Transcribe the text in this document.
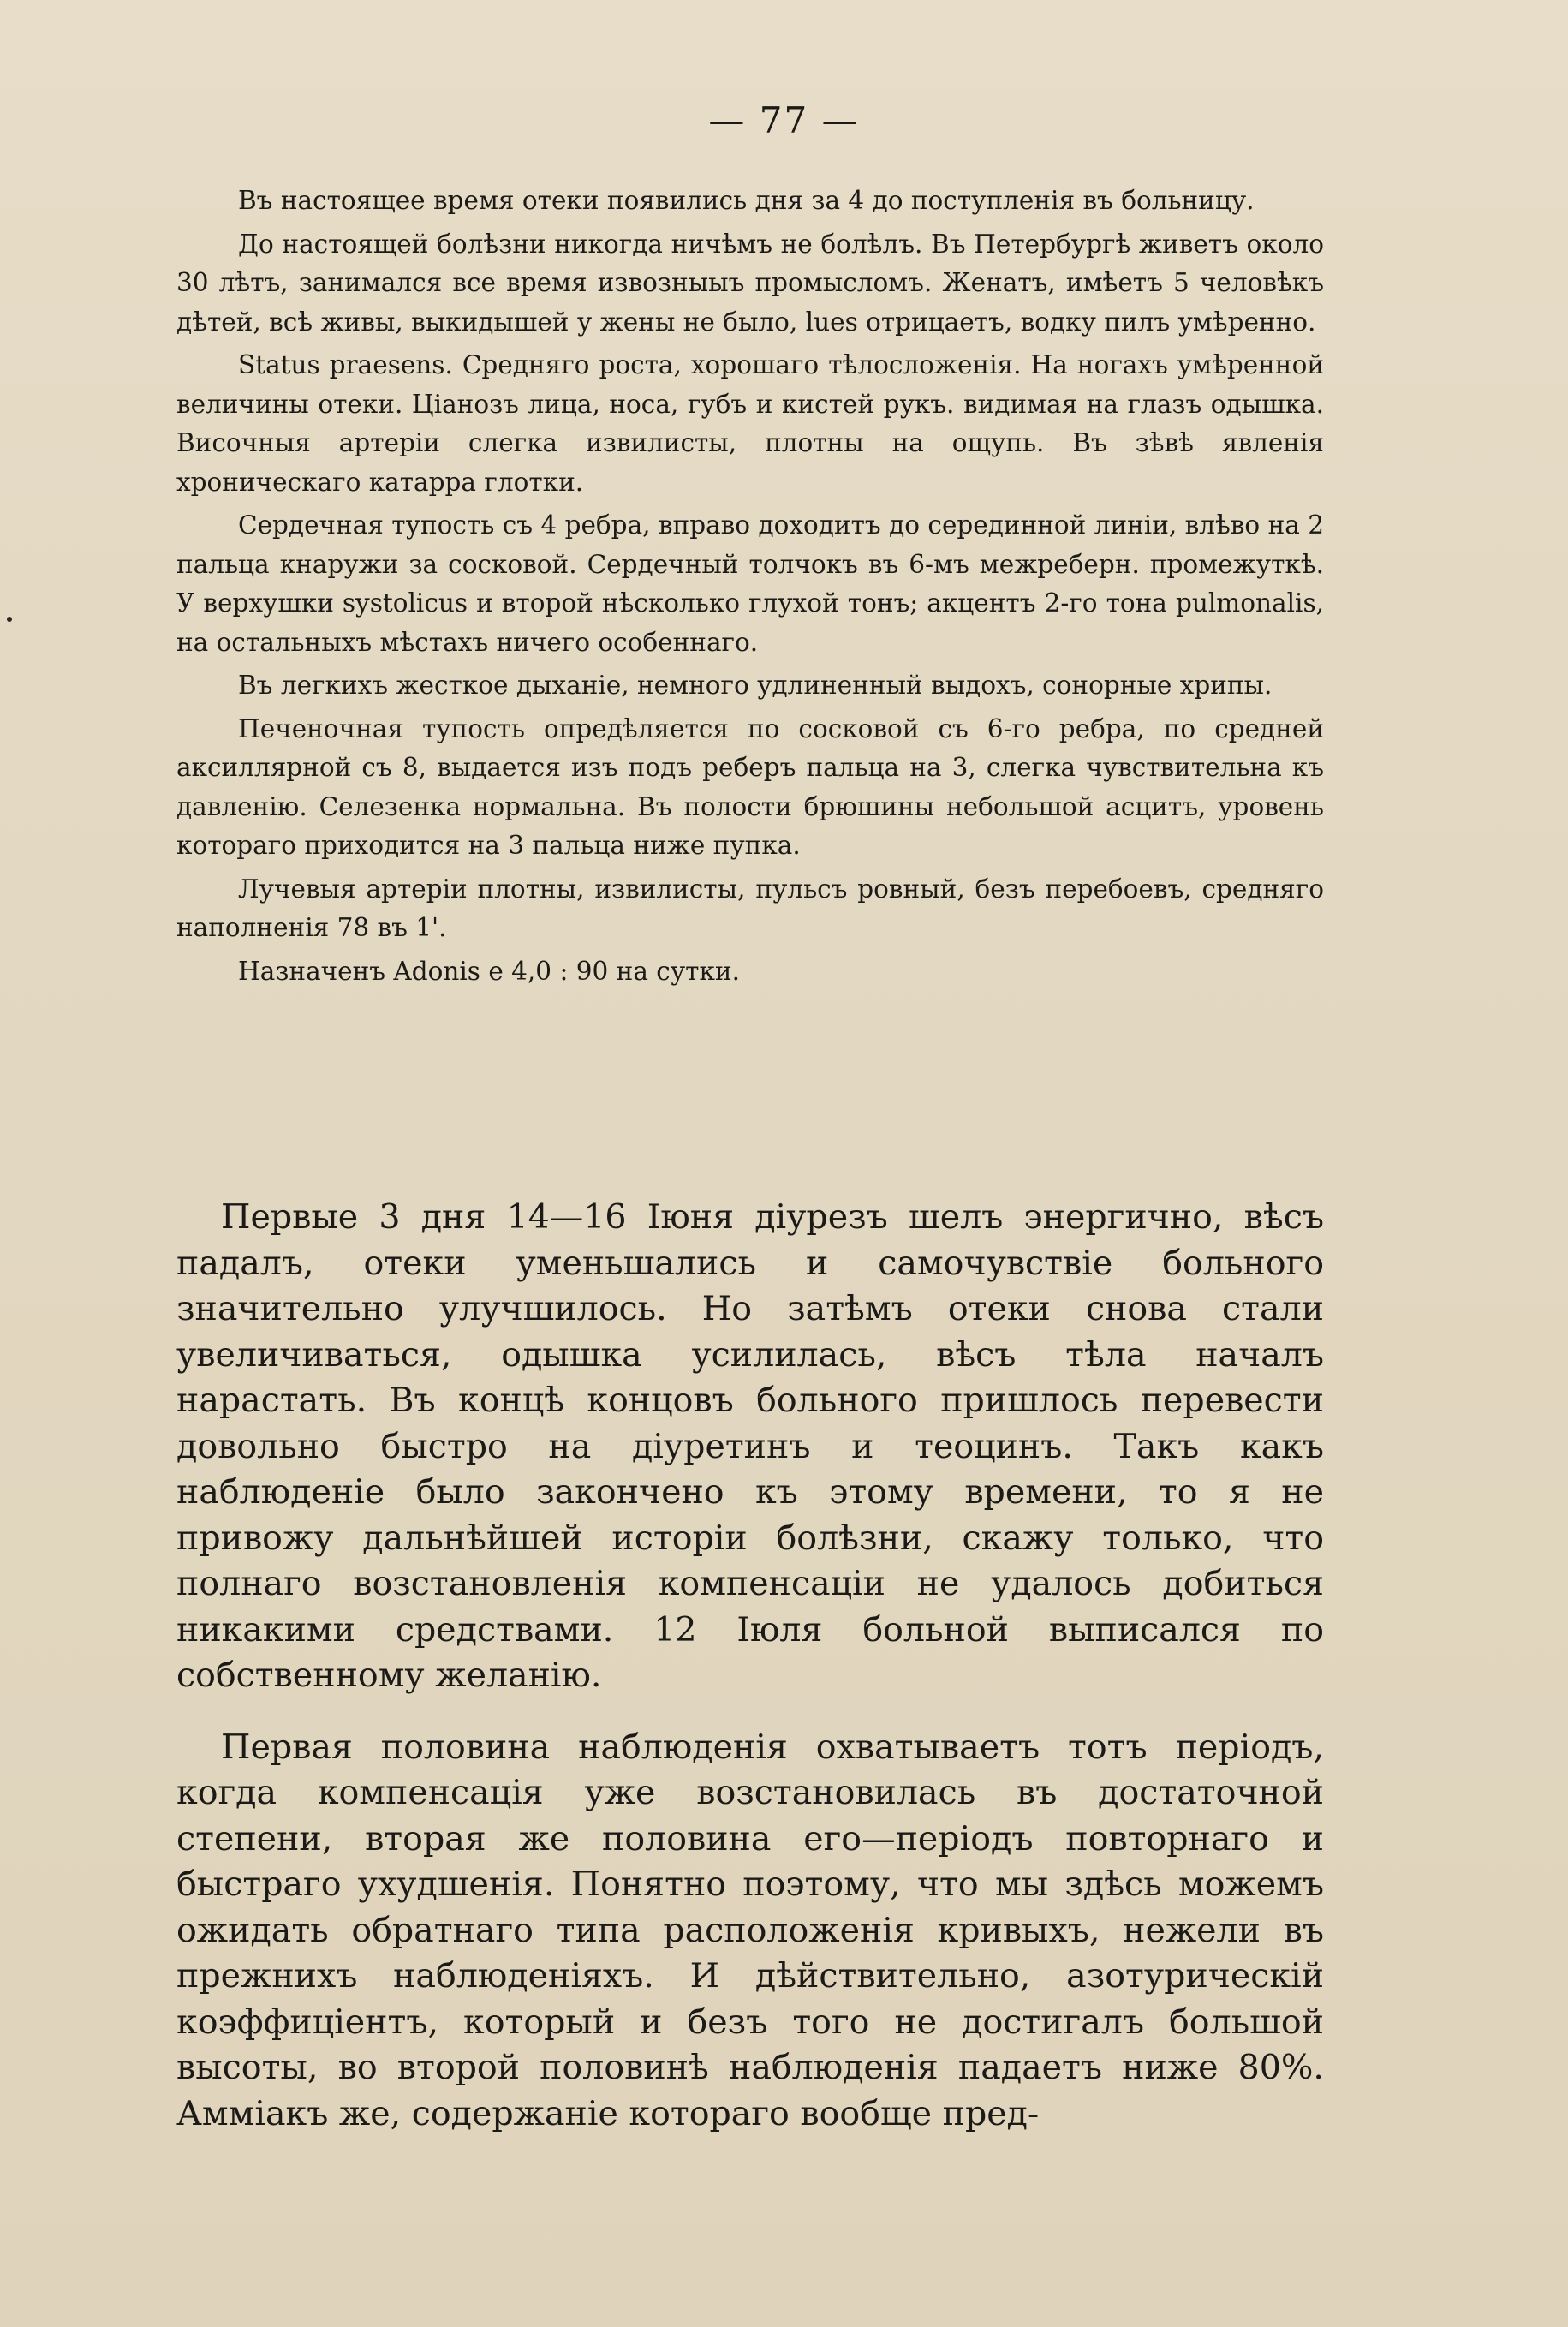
— 77 —

Въ настоящее время отеки появились дня за 4 до поступленія въ больницу.

До настоящей болѣзни никогда ничѣмъ не болѣлъ. Въ Петербургѣ живетъ около 30 лѣтъ, занимался все время извозныыъ промысломъ. Женатъ, имѣетъ 5 человѣкъ дѣтей, всѣ живы, выкидышей у жены не было, lues отрицаетъ, водку пилъ умѣренно.

Status praesens. Средняго роста, хорошаго тѣлосложенія. На ногахъ умѣренной величины отеки. Ціанозъ лица, носа, губъ и кистей рукъ. видимая на глазъ одышка. Височныя артеріи слегка извилисты, плотны на ощупь. Въ зѣвѣ явленія хроническаго катарра глотки.

Сердечная тупость съ 4 ребра, вправо доходитъ до серединной линіи, влѣво на 2 пальца кнаружи за сосковой. Сердечный толчокъ въ 6-мъ межреберн. промежуткѣ. У верхушки systolicus и второй нѣсколько глухой тонъ; акцентъ 2-го тона pulmonalis, на остальныхъ мѣстахъ ничего особеннаго.

Въ легкихъ жесткое дыханіе, немного удлиненный выдохъ, сонорные хрипы.

Печеночная тупость опредѣляется по сосковой съ 6-го ребра, по средней аксиллярной съ 8, выдается изъ подъ реберъ пальца на 3, слегка чувствительна къ давленію. Селезенка нормальна. Въ полости брюшины небольшой асцитъ, уровень котораго приходится на 3 пальца ниже пупка.

Лучевыя артеріи плотны, извилисты, пульсъ ровный, безъ перебоевъ, средняго наполненія 78 въ 1'.

Назначенъ Adonis e 4,0 : 90 на сутки.

Первые 3 дня 14—16 Іюня діурезъ шелъ энергично, вѣсъ падалъ, отеки уменьшались и самочувствіе больного значительно улучшилось. Но затѣмъ отеки снова стали увеличиваться, одышка усилилась, вѣсъ тѣла началъ нарастать. Въ концѣ концовъ больного пришлось перевести довольно быстро на діуретинъ и теоцинъ. Такъ какъ наблюденіе было закончено къ этому времени, то я не привожу дальнѣйшей исторіи болѣзни, скажу только, что полнаго возстановленія компенсаціи не удалось добиться никакими средствами. 12 Іюля больной выписался по собственному желанію.

Первая половина наблюденія охватываетъ тотъ періодъ, когда компенсація уже возстановилась въ достаточной степени, вторая же половина его—періодъ повторнаго и быстраго ухудшенія. Понятно поэтому, что мы здѣсь можемъ ожидать обратнаго типа расположенія кривыхъ, нежели въ прежнихъ наблюденіяхъ. И дѣйствительно, азотурическій коэффиціентъ, который и безъ того не достигалъ большой высоты, во второй половинѣ наблюденія падаетъ ниже 80%. Амміакъ же, содержаніе котораго вообще пред-
